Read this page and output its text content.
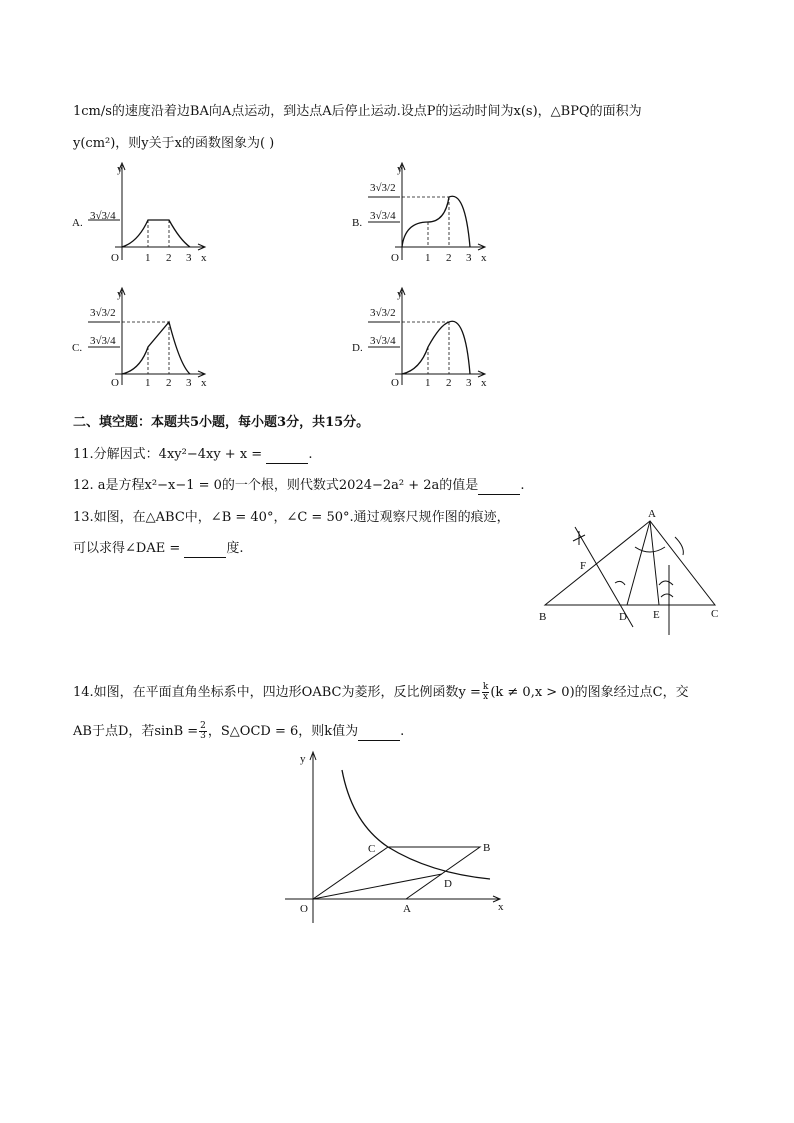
1cm/s的速度沿着边BA向A点运动，到达点A后停止运动.设点P的运动时间为x(s)，△BPQ的面积为
y(cm²)，则y关于x的函数图象为( )
A.
y
x
O 1 2 3
3√3/4
B.
y
x
O 1 2 3
3√3/2
3√3/4
C.
y
x
O 1 2 3
3√3/2
3√3/4
D.
y
x
O 1 2 3
3√3/2
3√3/4
二、填空题：本题共5小题，每小题3分，共15分。
11.分解因式：4xy²−4xy + x =	.
12. a是方程x²−x−1 = 0的一个根，则代数式2024−2a² + 2a的值是	.
13.如图，在△ABC中，∠B = 40°，∠C = 50°.通过观察尺规作图的痕迹，
可以求得∠DAE =	度.
A
B	C
D E
F
14.如图，在平面直角坐标系中，四边形OABC为菱形，反比例函数$y = \frac{k}{x} (k \ne 0,x > 0)$的图象经过点C，交
AB于点D，若$\sin B = \frac{2}{3}$ ，S△OCD = 6，则k值为	.
y
x
O	A
B
C
D
